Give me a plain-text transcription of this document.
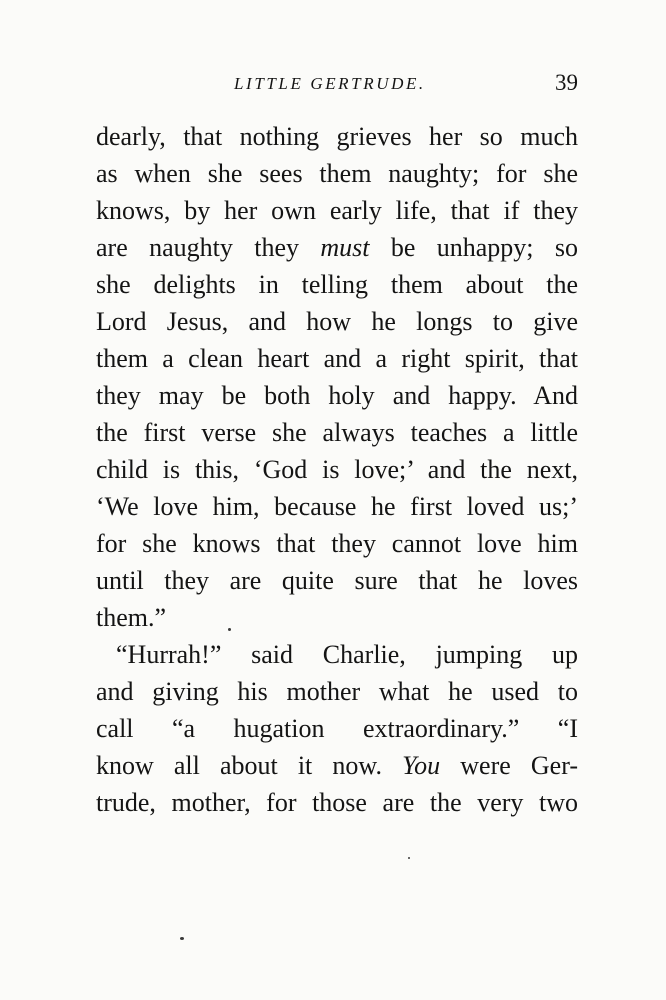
LITTLE GERTRUDE.	39
dearly, that nothing grieves her so much
as when she sees them naughty; for she
knows, by her own early life, that if they
are naughty they must be unhappy; so
she delights in telling them about the
Lord Jesus, and how he longs to give
them a clean heart and a right spirit, that
they may be both holy and happy. And
the first verse she always teaches a little
child is this, ‘God is love;’ and the next,
‘We love him, because he first loved us;’
for she knows that they cannot love him
until they are quite sure that he loves
them.”
“Hurrah!” said Charlie, jumping up
and giving his mother what he used to
call “a hugation extraordinary.” “I
know all about it now. You were Ger-
trude, mother, for those are the very two
